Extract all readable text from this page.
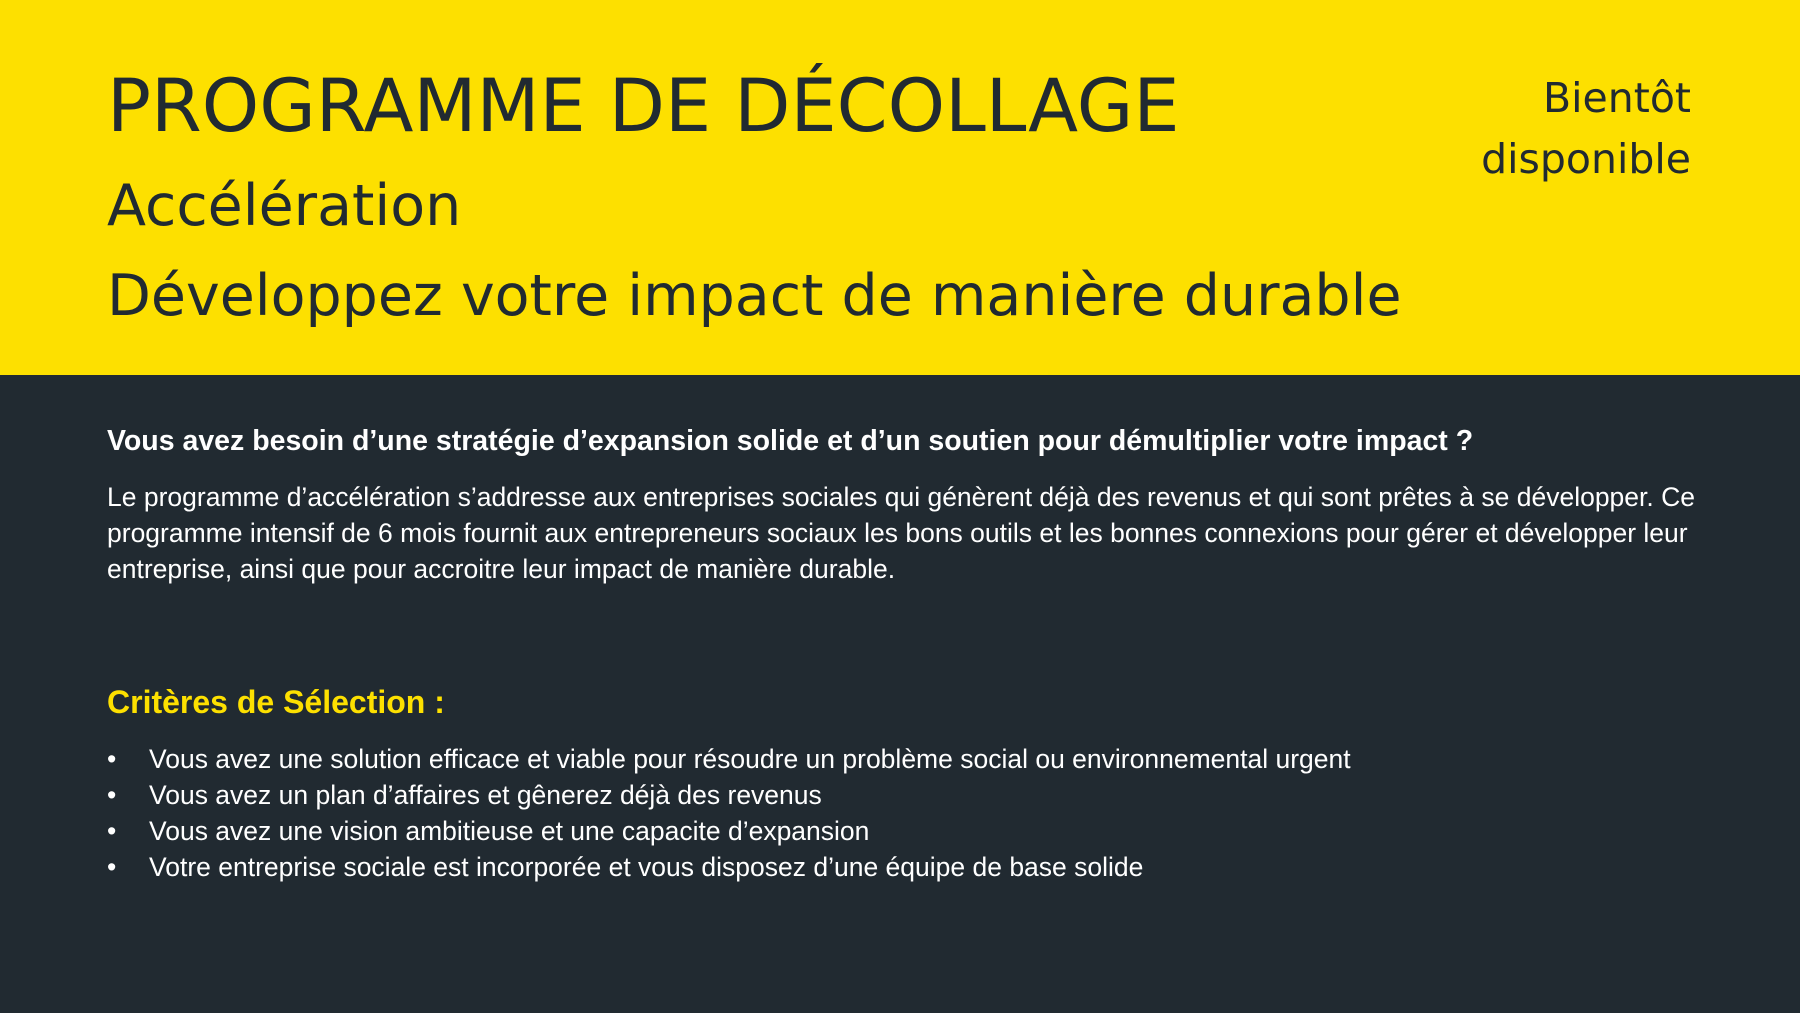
PROGRAMME DE DÉCOLLAGE
Accélération
Développez votre impact de manière durable
Bientôt
disponible

Vous avez besoin d’une stratégie d’expansion solide et d’un soutien pour démultiplier votre impact ?

Le programme d’accélération s’addresse aux entreprises sociales qui génèrent déjà des revenus et qui sont prêtes à se développer. Ce programme intensif de 6 mois fournit aux entrepreneurs sociaux les bons outils et les bonnes connexions pour gérer et développer leur entreprise, ainsi que pour accroitre leur impact de manière durable.

Critères de Sélection :
• Vous avez une solution efficace et viable pour résoudre un problème social ou environnemental urgent
• Vous avez un plan d’affaires et gênerez déjà des revenus
• Vous avez une vision ambitieuse et une capacite d’expansion
• Votre entreprise sociale est incorporée et vous disposez d’une équipe de base solide
